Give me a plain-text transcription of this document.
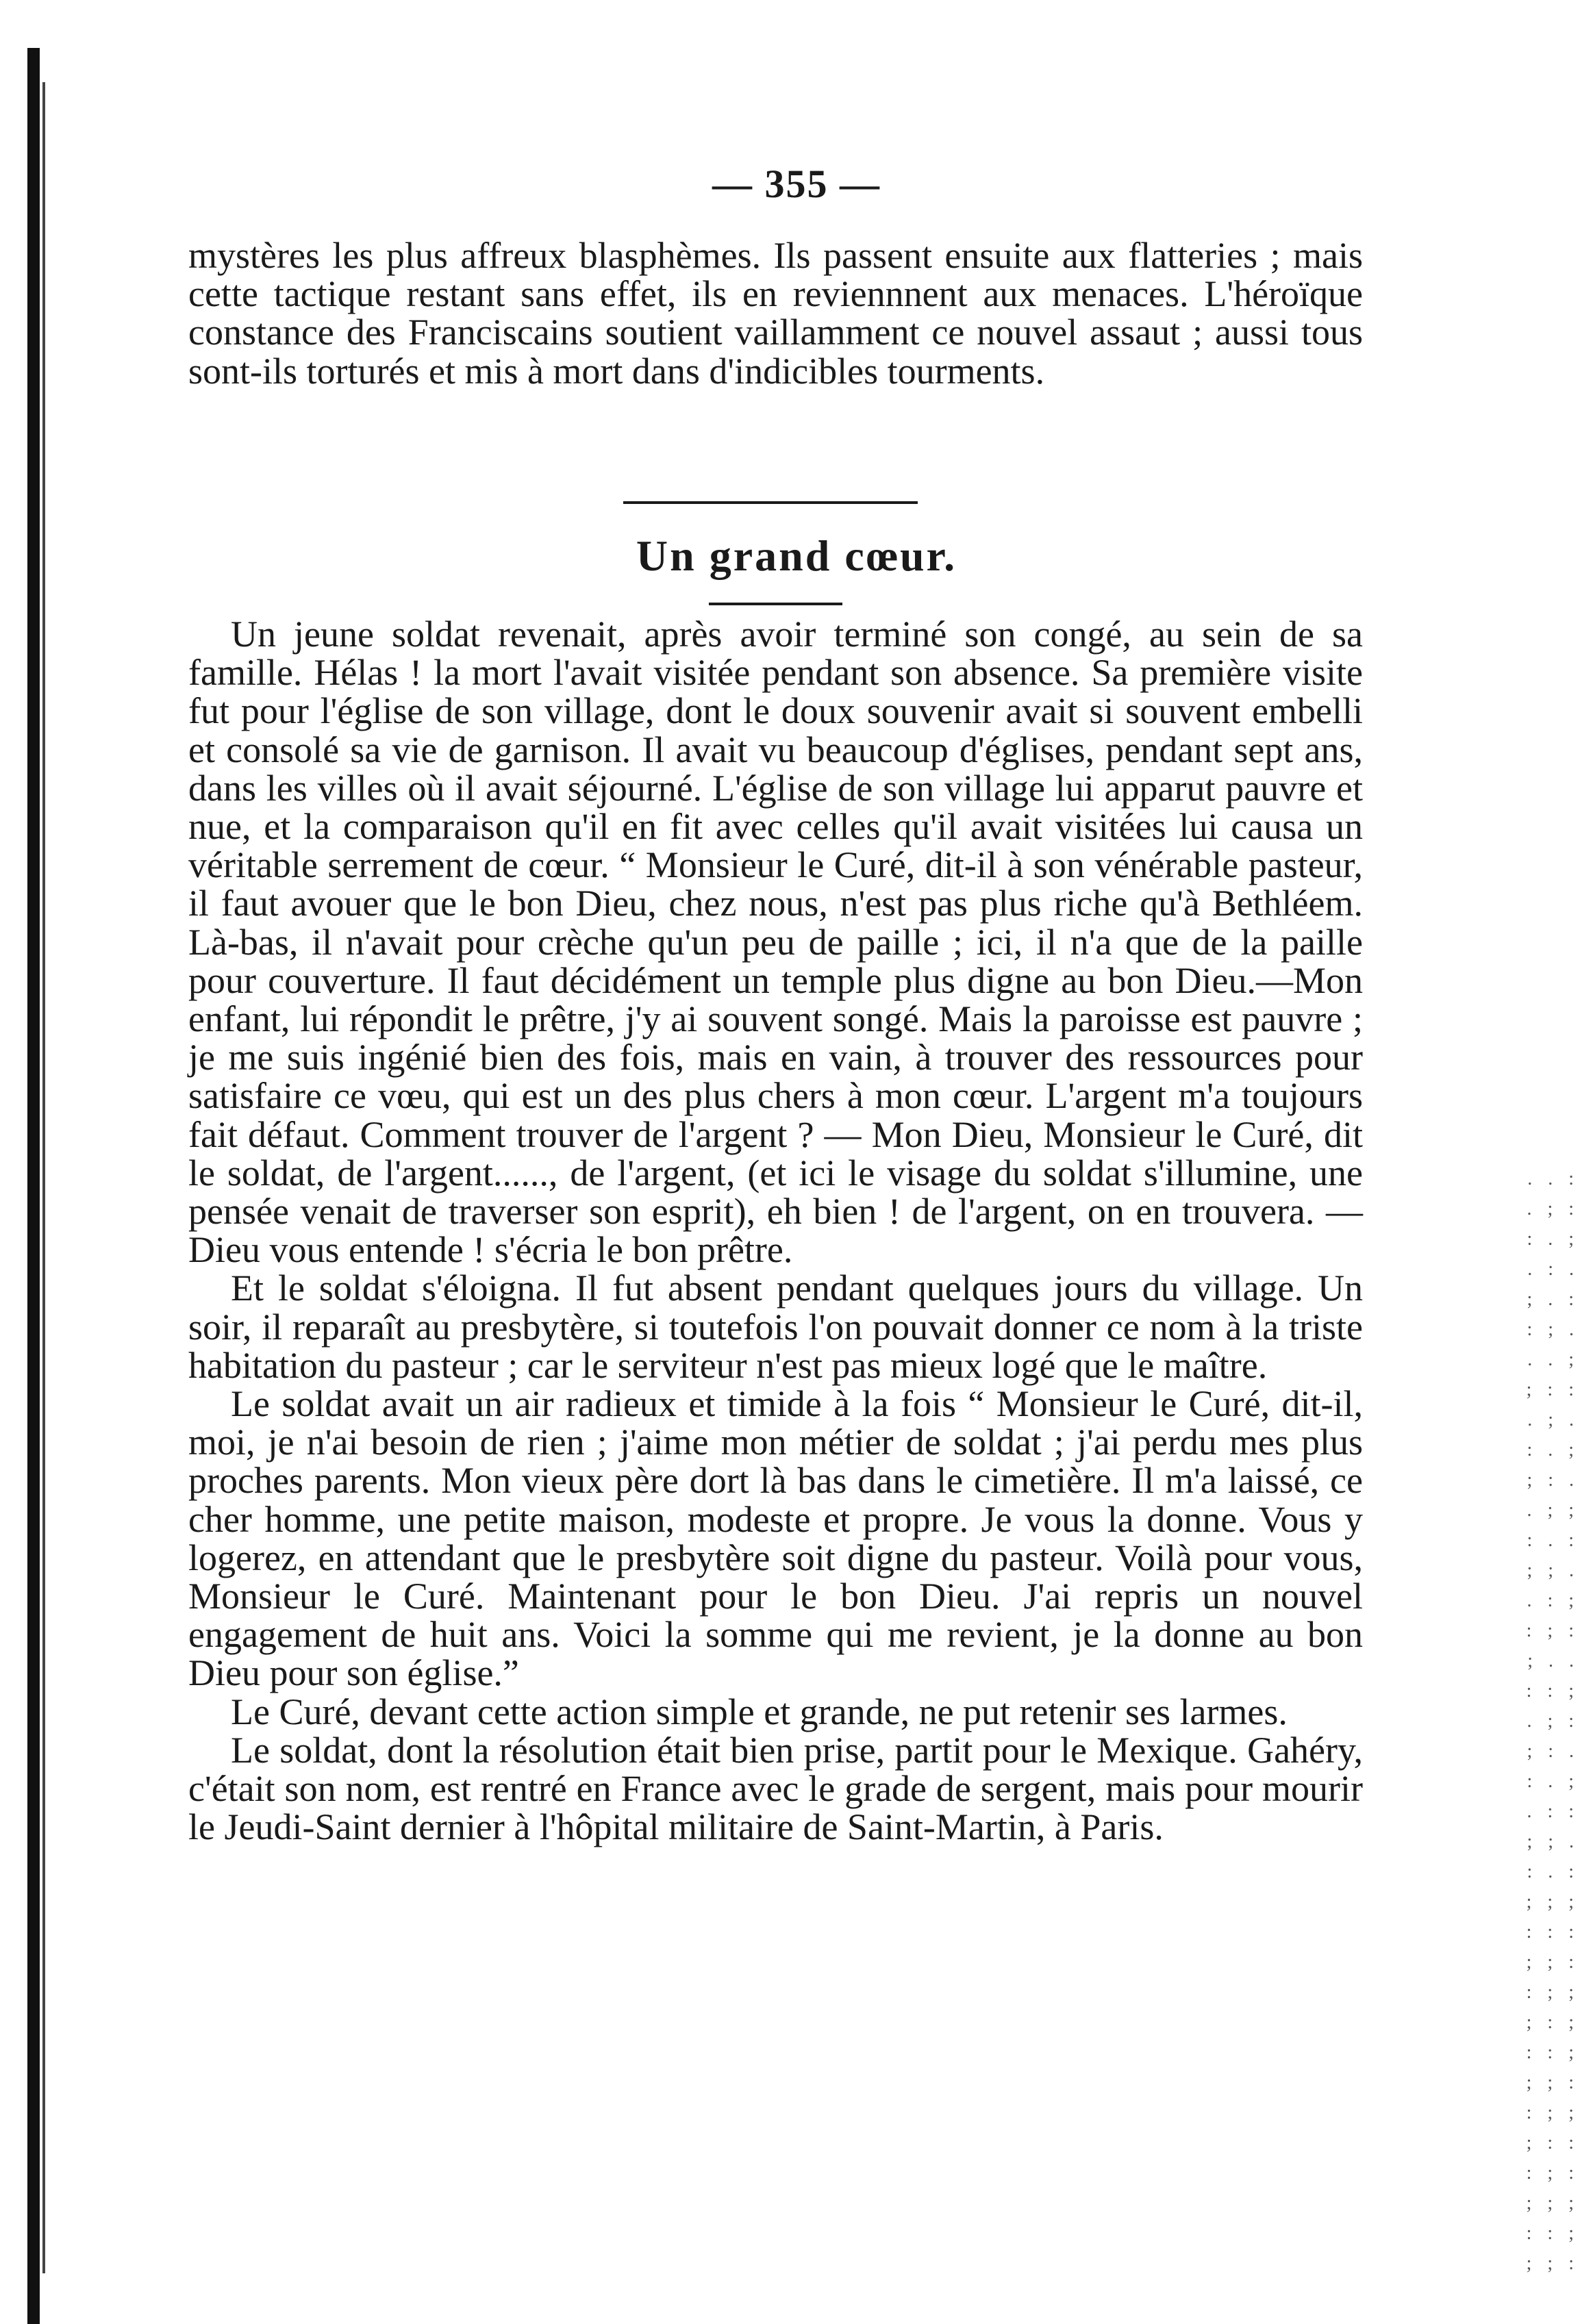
. . :
. ; :
: . ;
. : .
; . :
: ; .
. . ;
; : :
. ; .
: . ;
; : .
. ; ;
: . :
; ; .
. : ;
: ; :
; . .
: : ;
. ; :
; : .
: . ;
. : :
; ; .
: . :
; ; ;
: : :
; ; :
: ; ;
; : ;
: : ;
; ; :
: ; ;
; : :
: ; :
; ; ;
: : ;
; ; :
— 355 —

mystères les plus affreux blasphèmes. Ils passent ensuite aux flatteries ; mais cette tactique restant sans effet, ils en reviennnent aux menaces. L'héroïque constance des Franciscains soutient vaillamment ce nouvel assaut ; aussi tous sont-ils torturés et mis à mort dans d'indicibles tourments.

Un grand cœur.

Un jeune soldat revenait, après avoir terminé son congé, au sein de sa famille. Hélas ! la mort l'avait visitée pendant son absence. Sa première visite fut pour l'église de son village, dont le doux souvenir avait si souvent embelli et consolé sa vie de garnison. Il avait vu beaucoup d'églises, pendant sept ans, dans les villes où il avait séjourné. L'église de son village lui apparut pauvre et nue, et la comparaison qu'il en fit avec celles qu'il avait visitées lui causa un véritable serrement de cœur. “ Monsieur le Curé, dit-il à son vénérable pasteur, il faut avouer que le bon Dieu, chez nous, n'est pas plus riche qu'à Bethléem. Là-bas, il n'avait pour crèche qu'un peu de paille ; ici, il n'a que de la paille pour couverture. Il faut décidément un temple plus digne au bon Dieu.—Mon enfant, lui répondit le prêtre, j'y ai souvent songé. Mais la paroisse est pauvre ; je me suis ingénié bien des fois, mais en vain, à trouver des ressources pour satisfaire ce vœu, qui est un des plus chers à mon cœur. L'argent m'a toujours fait défaut. Comment trouver de l'argent ? — Mon Dieu, Monsieur le Curé, dit le soldat, de l'argent......, de l'argent, (et ici le visage du soldat s'illumine, une pensée venait de traverser son esprit), eh bien ! de l'argent, on en trouvera. — Dieu vous entende ! s'écria le bon prêtre.

Et le soldat s'éloigna. Il fut absent pendant quelques jours du village. Un soir, il reparaît au presbytère, si toutefois l'on pouvait donner ce nom à la triste habitation du pasteur ; car le serviteur n'est pas mieux logé que le maître.

Le soldat avait un air radieux et timide à la fois “ Monsieur le Curé, dit-il, moi, je n'ai besoin de rien ; j'aime mon métier de soldat ; j'ai perdu mes plus proches parents. Mon vieux père dort là bas dans le cimetière. Il m'a laissé, ce cher homme, une petite maison, modeste et propre. Je vous la donne. Vous y logerez, en attendant que le presbytère soit digne du pasteur. Voilà pour vous, Monsieur le Curé. Maintenant pour le bon Dieu. J'ai repris un nouvel engagement de huit ans. Voici la somme qui me revient, je la donne au bon Dieu pour son église.”

Le Curé, devant cette action simple et grande, ne put retenir ses larmes.

Le soldat, dont la résolution était bien prise, partit pour le Mexique. Gahéry, c'était son nom, est rentré en France avec le grade de sergent, mais pour mourir le Jeudi-Saint dernier à l'hôpital militaire de Saint-Martin, à Paris.
